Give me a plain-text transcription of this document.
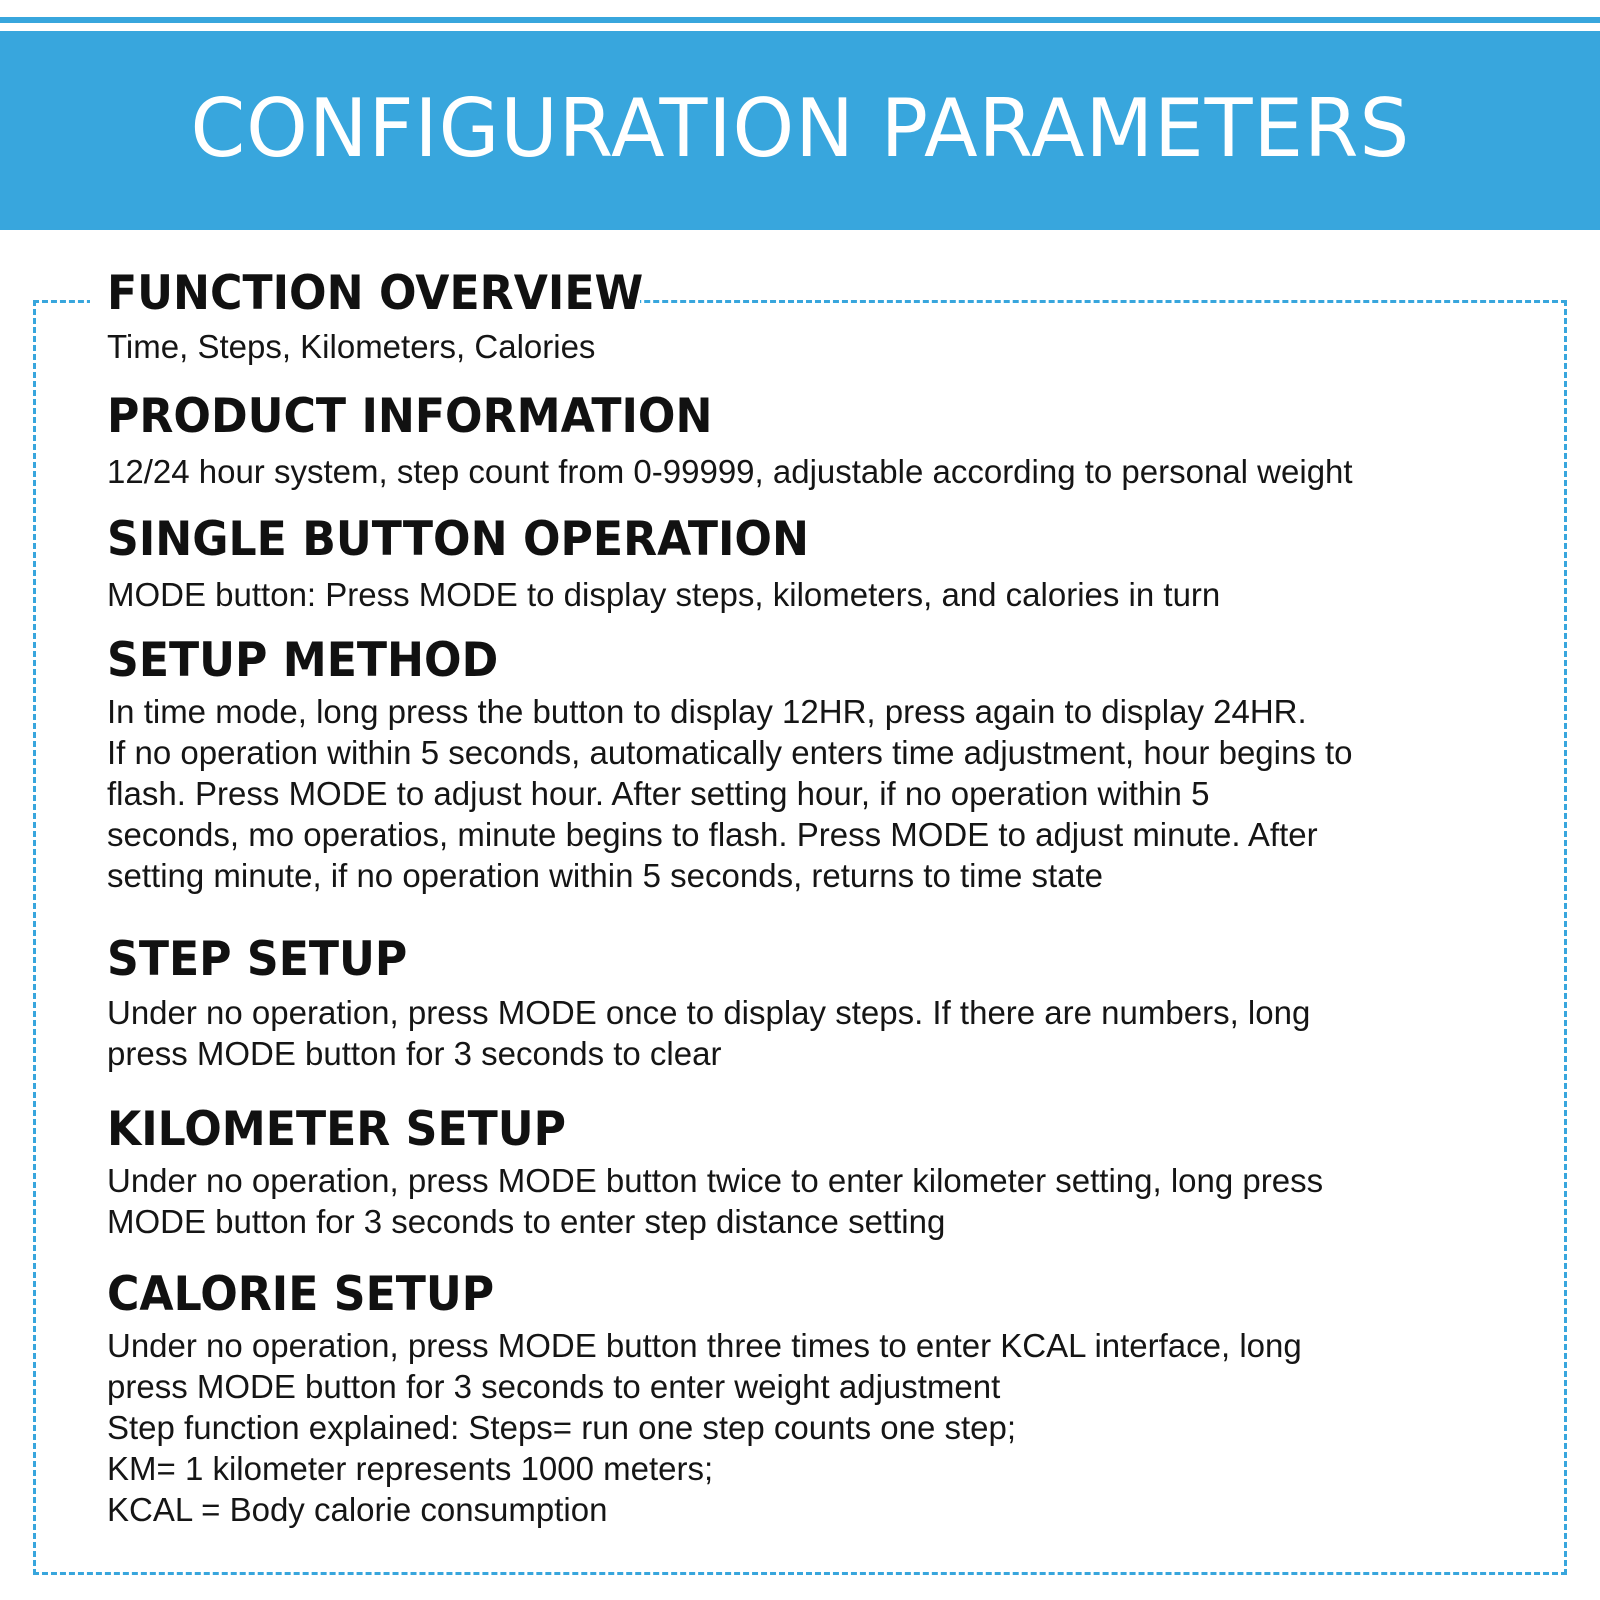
CONFIGURATION PARAMETERS
FUNCTION OVERVIEW
Time, Steps, Kilometers, Calories
PRODUCT INFORMATION
12/24 hour system, step count from 0-99999, adjustable according to personal weight
SINGLE BUTTON OPERATION
MODE button: Press MODE to display steps, kilometers, and calories in turn
SETUP METHOD
In time mode, long press the button to display 12HR, press again to display 24HR.
If no operation within 5 seconds, automatically enters time adjustment, hour begins to
flash. Press MODE to adjust hour. After setting hour, if no operation within 5
seconds, mo operatios, minute begins to flash. Press MODE to adjust minute. After
setting minute, if no operation within 5 seconds, returns to time state
STEP SETUP
Under no operation, press MODE once to display steps. If there are numbers, long
press MODE button for 3 seconds to clear
KILOMETER SETUP
Under no operation, press MODE button twice to enter kilometer setting, long press
MODE button for 3 seconds to enter step distance setting
CALORIE SETUP
Under no operation, press MODE button three times to enter KCAL interface, long
press MODE button for 3 seconds to enter weight adjustment
Step function explained: Steps= run one step counts one step;
KM= 1 kilometer represents 1000 meters;
KCAL = Body calorie consumption
